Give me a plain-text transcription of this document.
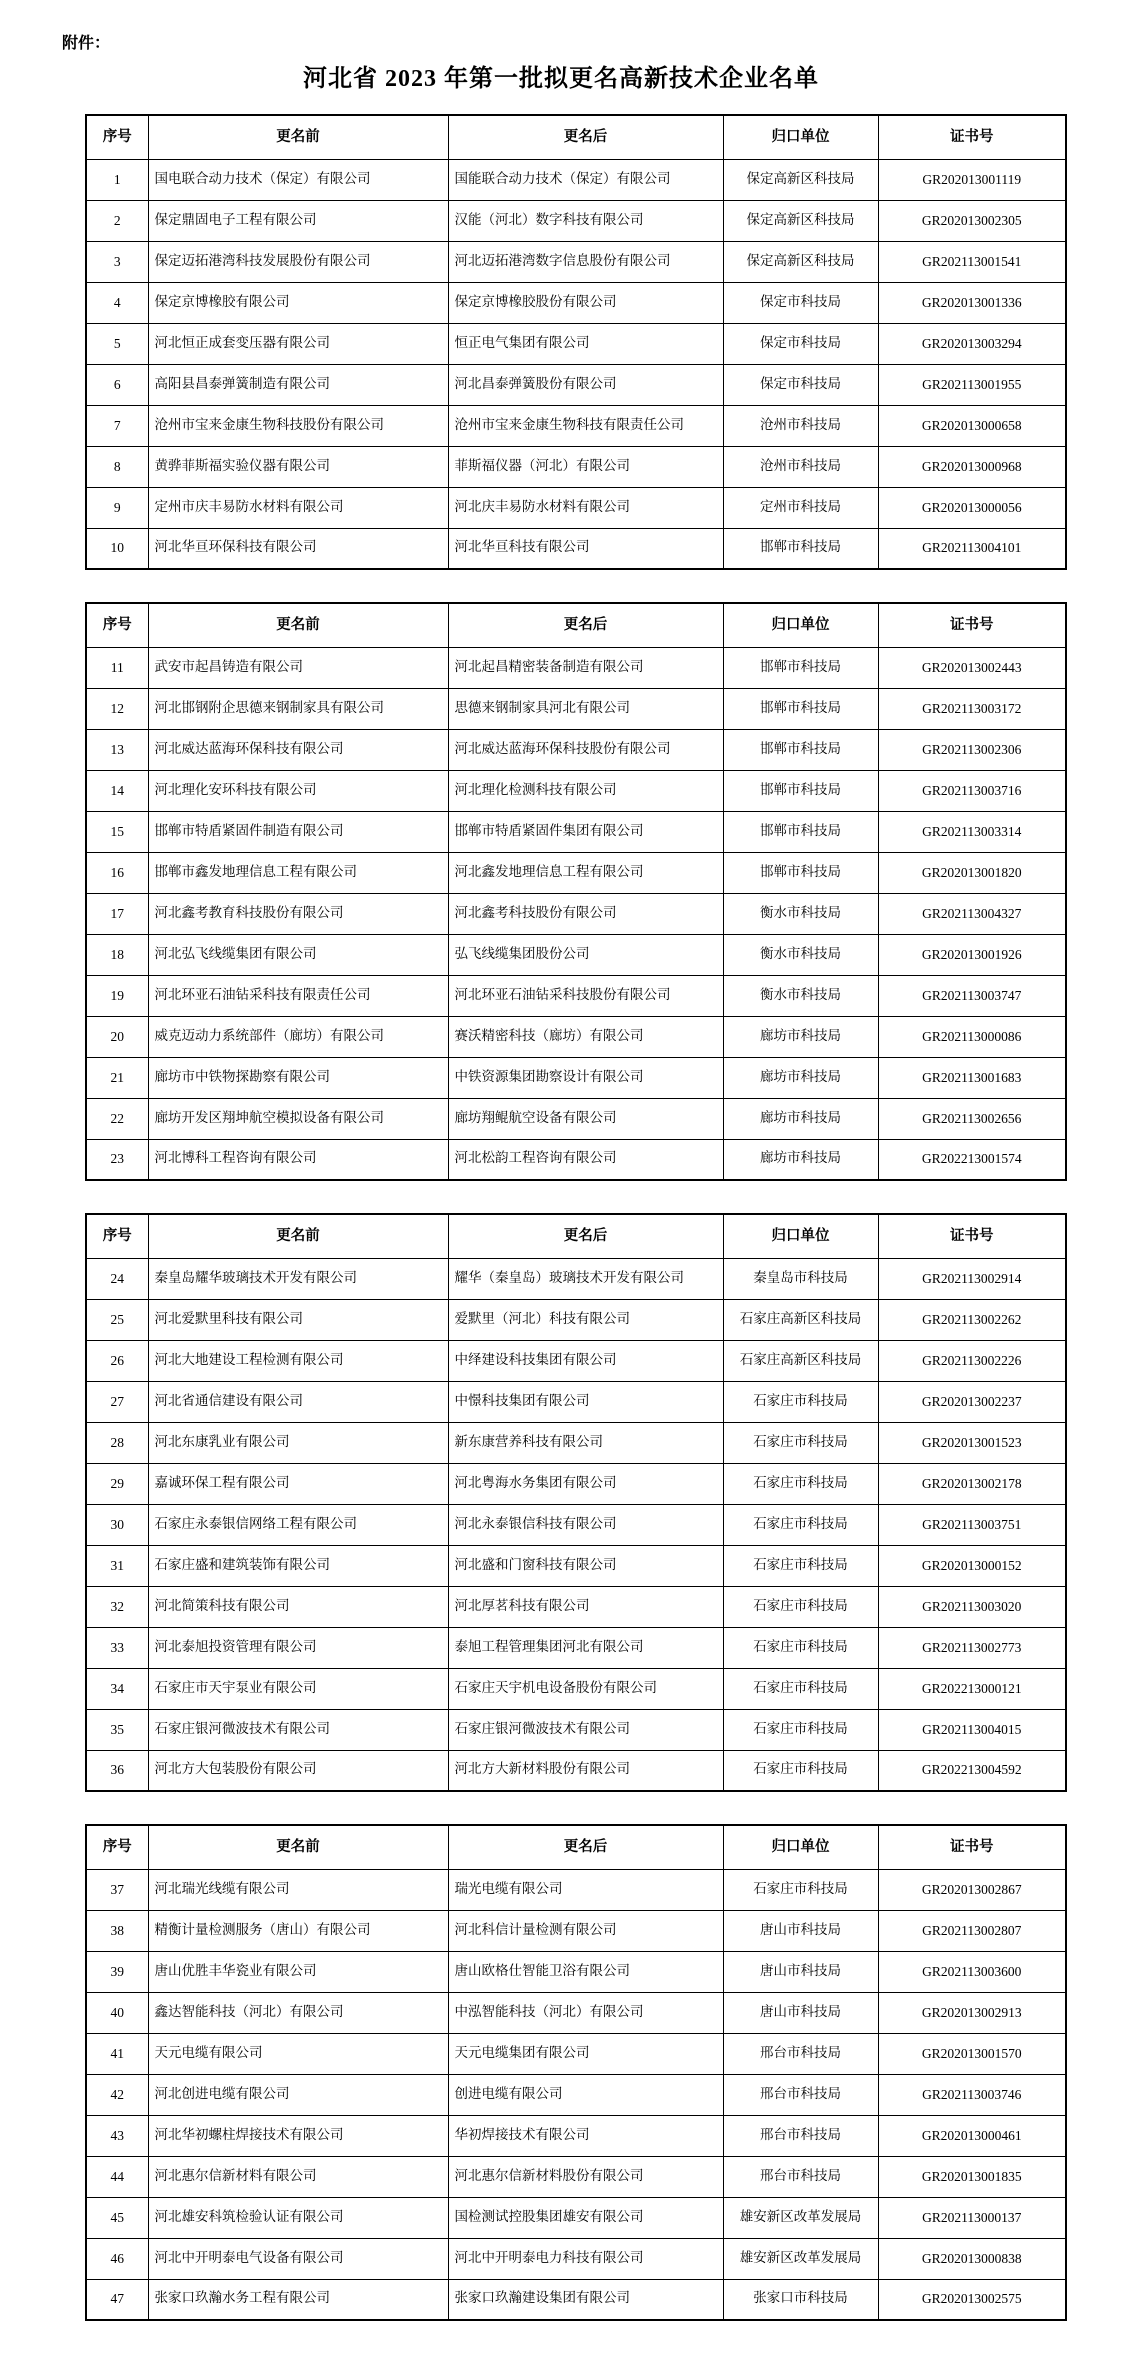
附件：
河北省 2023 年第一批拟更名高新技术企业名单
序号	更名前	更名后	归口单位	证书号
1	国电联合动力技术（保定）有限公司	国能联合动力技术（保定）有限公司	保定高新区科技局	GR202013001119
2	保定鼎固电子工程有限公司	汉能（河北）数字科技有限公司	保定高新区科技局	GR202013002305
3	保定迈拓港湾科技发展股份有限公司	河北迈拓港湾数字信息股份有限公司	保定高新区科技局	GR202113001541
4	保定京博橡胶有限公司	保定京博橡胶股份有限公司	保定市科技局	GR202013001336
5	河北恒正成套变压器有限公司	恒正电气集团有限公司	保定市科技局	GR202013003294
6	高阳县昌泰弹簧制造有限公司	河北昌泰弹簧股份有限公司	保定市科技局	GR202113001955
7	沧州市宝来金康生物科技股份有限公司	沧州市宝来金康生物科技有限责任公司	沧州市科技局	GR202013000658
8	黄骅菲斯福实验仪器有限公司	菲斯福仪器（河北）有限公司	沧州市科技局	GR202013000968
9	定州市庆丰易防水材料有限公司	河北庆丰易防水材料有限公司	定州市科技局	GR202013000056
10	河北华亘环保科技有限公司	河北华亘科技有限公司	邯郸市科技局	GR202113004101
序号	更名前	更名后	归口单位	证书号
11	武安市起昌铸造有限公司	河北起昌精密装备制造有限公司	邯郸市科技局	GR202013002443
12	河北邯钢附企思德来钢制家具有限公司	思德来钢制家具河北有限公司	邯郸市科技局	GR202113003172
13	河北威达蓝海环保科技有限公司	河北威达蓝海环保科技股份有限公司	邯郸市科技局	GR202113002306
14	河北理化安环科技有限公司	河北理化检测科技有限公司	邯郸市科技局	GR202113003716
15	邯郸市特盾紧固件制造有限公司	邯郸市特盾紧固件集团有限公司	邯郸市科技局	GR202113003314
16	邯郸市鑫发地理信息工程有限公司	河北鑫发地理信息工程有限公司	邯郸市科技局	GR202013001820
17	河北鑫考教育科技股份有限公司	河北鑫考科技股份有限公司	衡水市科技局	GR202113004327
18	河北弘飞线缆集团有限公司	弘飞线缆集团股份公司	衡水市科技局	GR202013001926
19	河北环亚石油钻采科技有限责任公司	河北环亚石油钻采科技股份有限公司	衡水市科技局	GR202113003747
20	威克迈动力系统部件（廊坊）有限公司	赛沃精密科技（廊坊）有限公司	廊坊市科技局	GR202113000086
21	廊坊市中铁物探勘察有限公司	中铁资源集团勘察设计有限公司	廊坊市科技局	GR202113001683
22	廊坊开发区翔坤航空模拟设备有限公司	廊坊翔鲲航空设备有限公司	廊坊市科技局	GR202113002656
23	河北博科工程咨询有限公司	河北松韵工程咨询有限公司	廊坊市科技局	GR202213001574
序号	更名前	更名后	归口单位	证书号
24	秦皇岛耀华玻璃技术开发有限公司	耀华（秦皇岛）玻璃技术开发有限公司	秦皇岛市科技局	GR202113002914
25	河北爱默里科技有限公司	爱默里（河北）科技有限公司	石家庄高新区科技局	GR202113002262
26	河北大地建设工程检测有限公司	中绎建设科技集团有限公司	石家庄高新区科技局	GR202113002226
27	河北省通信建设有限公司	中憬科技集团有限公司	石家庄市科技局	GR202013002237
28	河北东康乳业有限公司	新东康营养科技有限公司	石家庄市科技局	GR202013001523
29	嘉诚环保工程有限公司	河北粤海水务集团有限公司	石家庄市科技局	GR202013002178
30	石家庄永泰银信网络工程有限公司	河北永泰银信科技有限公司	石家庄市科技局	GR202113003751
31	石家庄盛和建筑装饰有限公司	河北盛和门窗科技有限公司	石家庄市科技局	GR202013000152
32	河北简策科技有限公司	河北厚茗科技有限公司	石家庄市科技局	GR202113003020
33	河北泰旭投资管理有限公司	泰旭工程管理集团河北有限公司	石家庄市科技局	GR202113002773
34	石家庄市天宇泵业有限公司	石家庄天宇机电设备股份有限公司	石家庄市科技局	GR202213000121
35	石家庄银河微波技术有限公司	石家庄银河微波技术有限公司	石家庄市科技局	GR202113004015
36	河北方大包装股份有限公司	河北方大新材料股份有限公司	石家庄市科技局	GR202213004592
序号	更名前	更名后	归口单位	证书号
37	河北瑞光线缆有限公司	瑞光电缆有限公司	石家庄市科技局	GR202013002867
38	精衡计量检测服务（唐山）有限公司	河北科信计量检测有限公司	唐山市科技局	GR202113002807
39	唐山优胜丰华瓷业有限公司	唐山欧格仕智能卫浴有限公司	唐山市科技局	GR202113003600
40	鑫达智能科技（河北）有限公司	中泓智能科技（河北）有限公司	唐山市科技局	GR202013002913
41	天元电缆有限公司	天元电缆集团有限公司	邢台市科技局	GR202013001570
42	河北创进电缆有限公司	创进电缆有限公司	邢台市科技局	GR202113003746
43	河北华初螺柱焊接技术有限公司	华初焊接技术有限公司	邢台市科技局	GR202013000461
44	河北惠尔信新材料有限公司	河北惠尔信新材料股份有限公司	邢台市科技局	GR202013001835
45	河北雄安科筑检验认证有限公司	国检测试控股集团雄安有限公司	雄安新区改革发展局	GR202113000137
46	河北中开明泰电气设备有限公司	河北中开明泰电力科技有限公司	雄安新区改革发展局	GR202013000838
47	张家口玖瀚水务工程有限公司	张家口玖瀚建设集团有限公司	张家口市科技局	GR202013002575
